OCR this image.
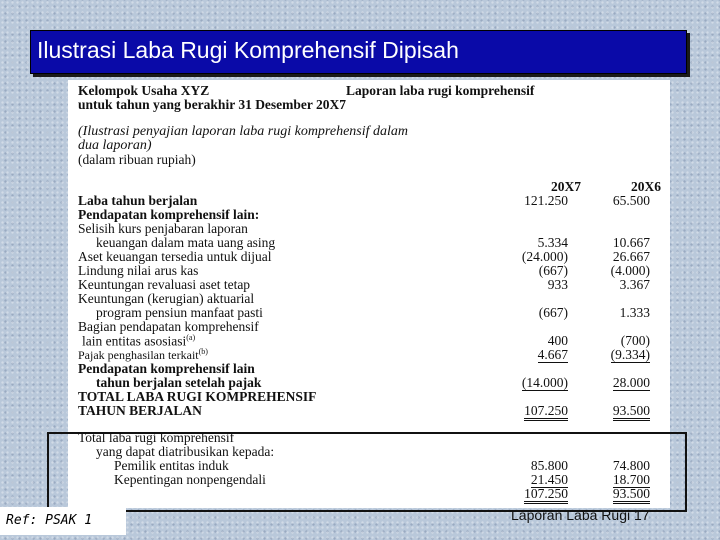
Ilustrasi Laba Rugi Komprehensif Dipisah
Kelompok Usaha XYZ	Laporan laba rugi komprehensif
untuk tahun yang berakhir 31 Desember 20X7
(Ilustrasi penyajian laporan laba rugi komprehensif dalam
dua laporan)
(dalam ribuan rupiah)
20X7	20X6
Laba tahun berjalan	121.250	65.500
Pendapatan komprehensif lain:
Selisih kurs penjabaran laporan
keuangan dalam mata uang asing	5.334	10.667
Aset keuangan tersedia untuk dijual	(24.000)	26.667
Lindung nilai arus kas	(667)	(4.000)
Keuntungan revaluasi aset tetap	933	3.367
Keuntungan (kerugian) aktuarial
program pensiun manfaat pasti	(667)	1.333
Bagian pendapatan komprehensif
lain entitas asosiasi$^{(a)}$	400	(700)
Pajak penghasilan terkait$^{(b)}$	4.667	(9.334)
Pendapatan komprehensif lain
tahun berjalan setelah pajak	(14.000)	28.000
TOTAL LABA RUGI KOMPREHENSIF
TAHUN BERJALAN	107.250	93.500
Total laba rugi komprehensif
yang dapat diatribusikan kepada:
Pemilik entitas induk	85.800	74.800
Kepentingan nonpengendali	21.450	18.700
107.250	93.500
Ref: PSAK 1	Laporan Laba Rugi 17
